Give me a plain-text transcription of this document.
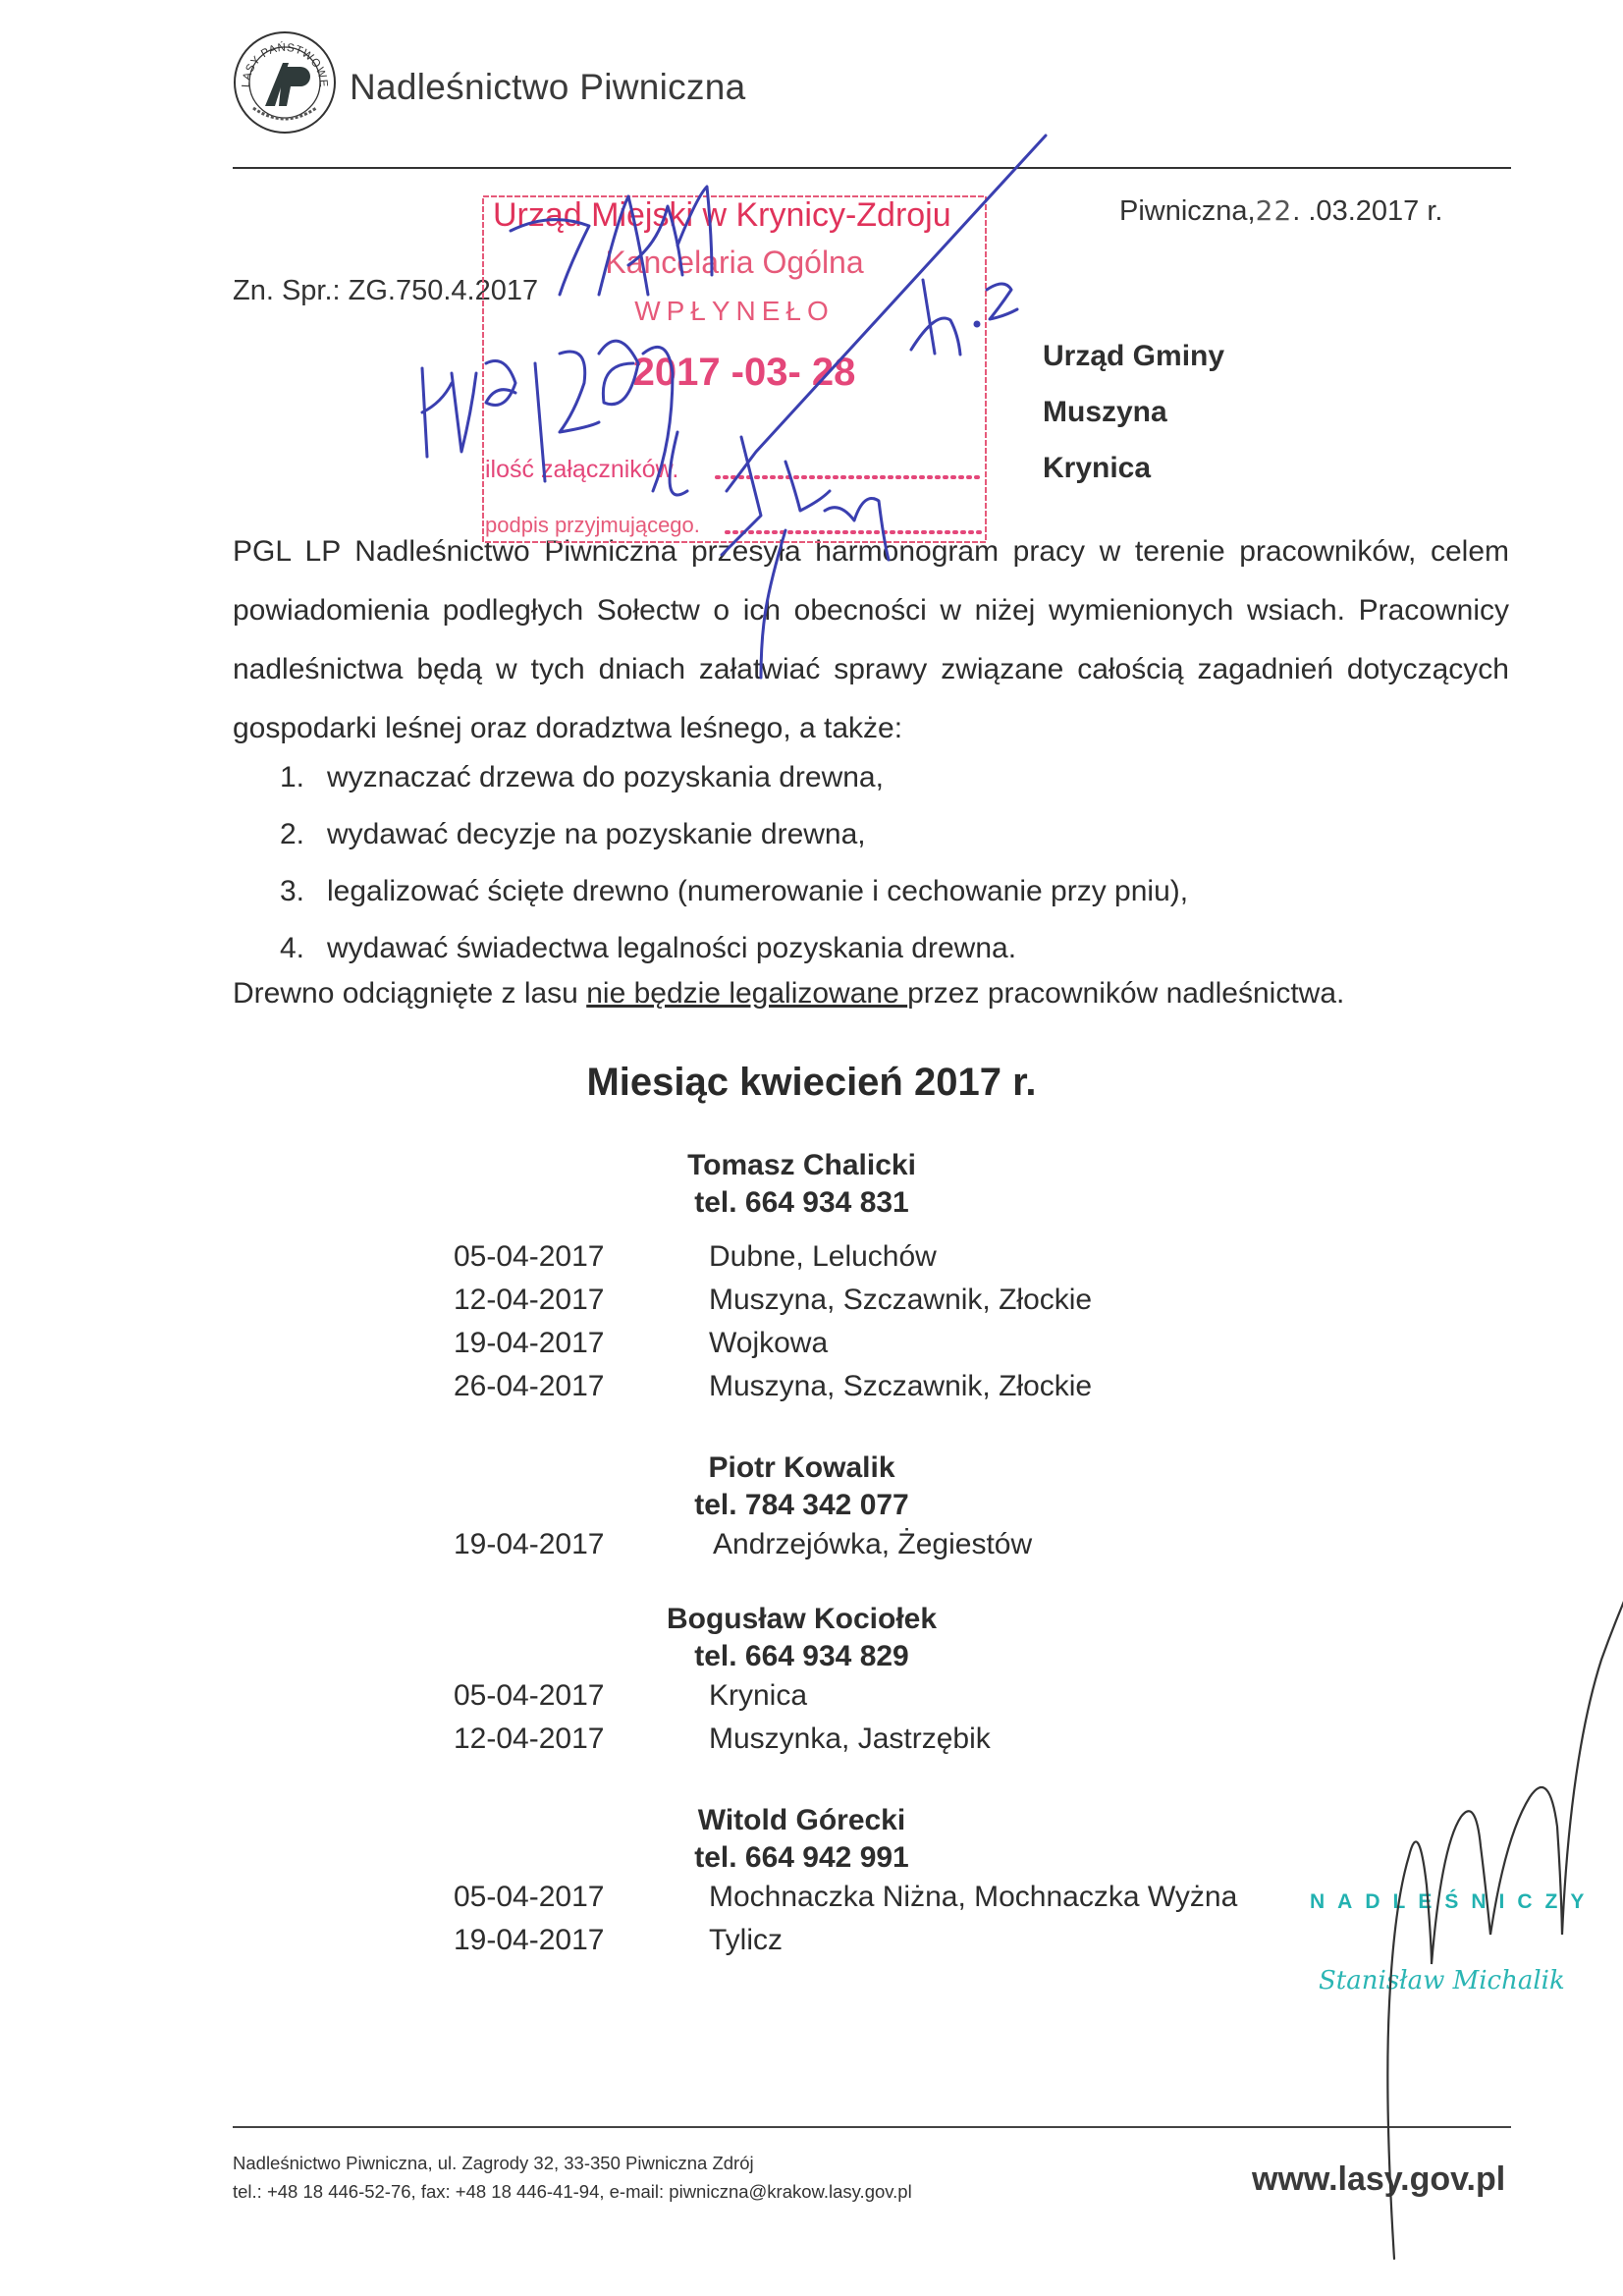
LASY PAŃSTWOWE Nadleśnictwo Piwniczna
Piwniczna,22. .03.2017 r.
Zn. Spr.: ZG.750.4.2017
Urząd Gminy
Muszyna
Krynica
PGL LP Nadleśnictwo Piwniczna przesyła harmonogram pracy w terenie pracowników, celem powiadomienia podległych Sołectw o ich obecności w niżej wymienionych wsiach. Pracownicy nadleśnictwa będą w tych dniach załatwiać sprawy związane całością zagadnień dotyczących gospodarki leśnej oraz doradztwa leśnego, a także:
1. wyznaczać drzewa do pozyskania drewna,
2. wydawać decyzje na pozyskanie drewna,
3. legalizować ścięte drewno (numerowanie i cechowanie przy pniu),
4. wydawać świadectwa legalności pozyskania drewna.
Drewno odciągnięte z lasu nie będzie legalizowane przez pracowników nadleśnictwa.
Miesiąc kwiecień 2017 r.
Tomasz Chalicki
tel. 664 934 831
05-04-2017	Dubne, Leluchów
12-04-2017	Muszyna, Szczawnik, Złockie
19-04-2017	Wojkowa
26-04-2017	Muszyna, Szczawnik, Złockie
Piotr Kowalik
tel. 784 342 077
19-04-2017	Andrzejówka, Żegiestów
Bogusław Kociołek
tel. 664 934 829
05-04-2017	Krynica
12-04-2017	Muszynka, Jastrzębik
Witold Górecki
tel. 664 942 991
05-04-2017	Mochnaczka Niżna, Mochnaczka Wyżna
19-04-2017	Tylicz
NADLEŚNICZY
Stanisław Michalik
Nadleśnictwo Piwniczna, ul. Zagrody 32, 33-350 Piwniczna Zdrój
tel.: +48 18 446-52-76, fax: +48 18 446-41-94, e-mail: piwniczna@krakow.lasy.gov.pl	www.lasy.gov.pl
Urząd Miejski w Krynicy-Zdroju
Kancelaria Ogólna
WPŁYNEŁO
2017 -03- 28
ilość załączników.
podpis przyjmującego.
